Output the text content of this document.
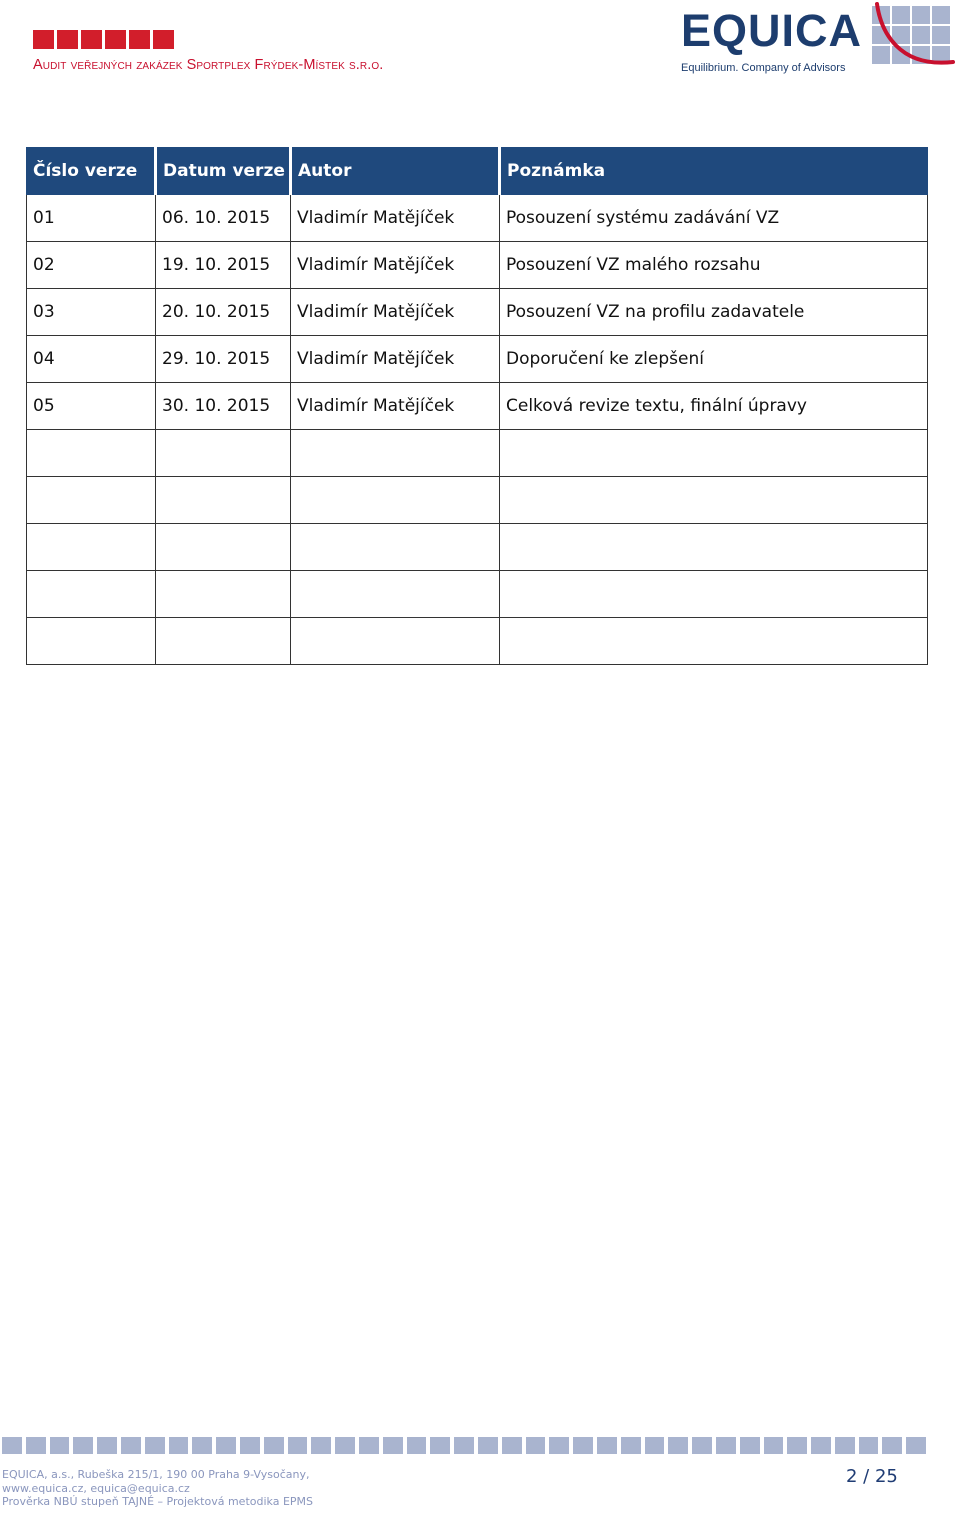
Audit veřejných zakázek Sportplex Frýdek-Místek s.r.o.
EQUICA
Equilibrium. Company of Advisors
Číslo verze	Datum verze	Autor	Poznámka
01	06. 10. 2015	Vladimír Matějíček	Posouzení systému zadávání VZ
02	19. 10. 2015	Vladimír Matějíček	Posouzení VZ malého rozsahu
03	20. 10. 2015	Vladimír Matějíček	Posouzení VZ na profilu zadavatele
04	29. 10. 2015	Vladimír Matějíček	Doporučení ke zlepšení
05	30. 10. 2015	Vladimír Matějíček	Celková revize textu, finální úpravy

EQUICA, a.s., Rubeška 215/1, 190 00 Praha 9-Vysočany,
www.equica.cz, equica@equica.cz
Prověrka NBÚ stupeň TAJNÉ – Projektová metodika EPMS
2 / 25
